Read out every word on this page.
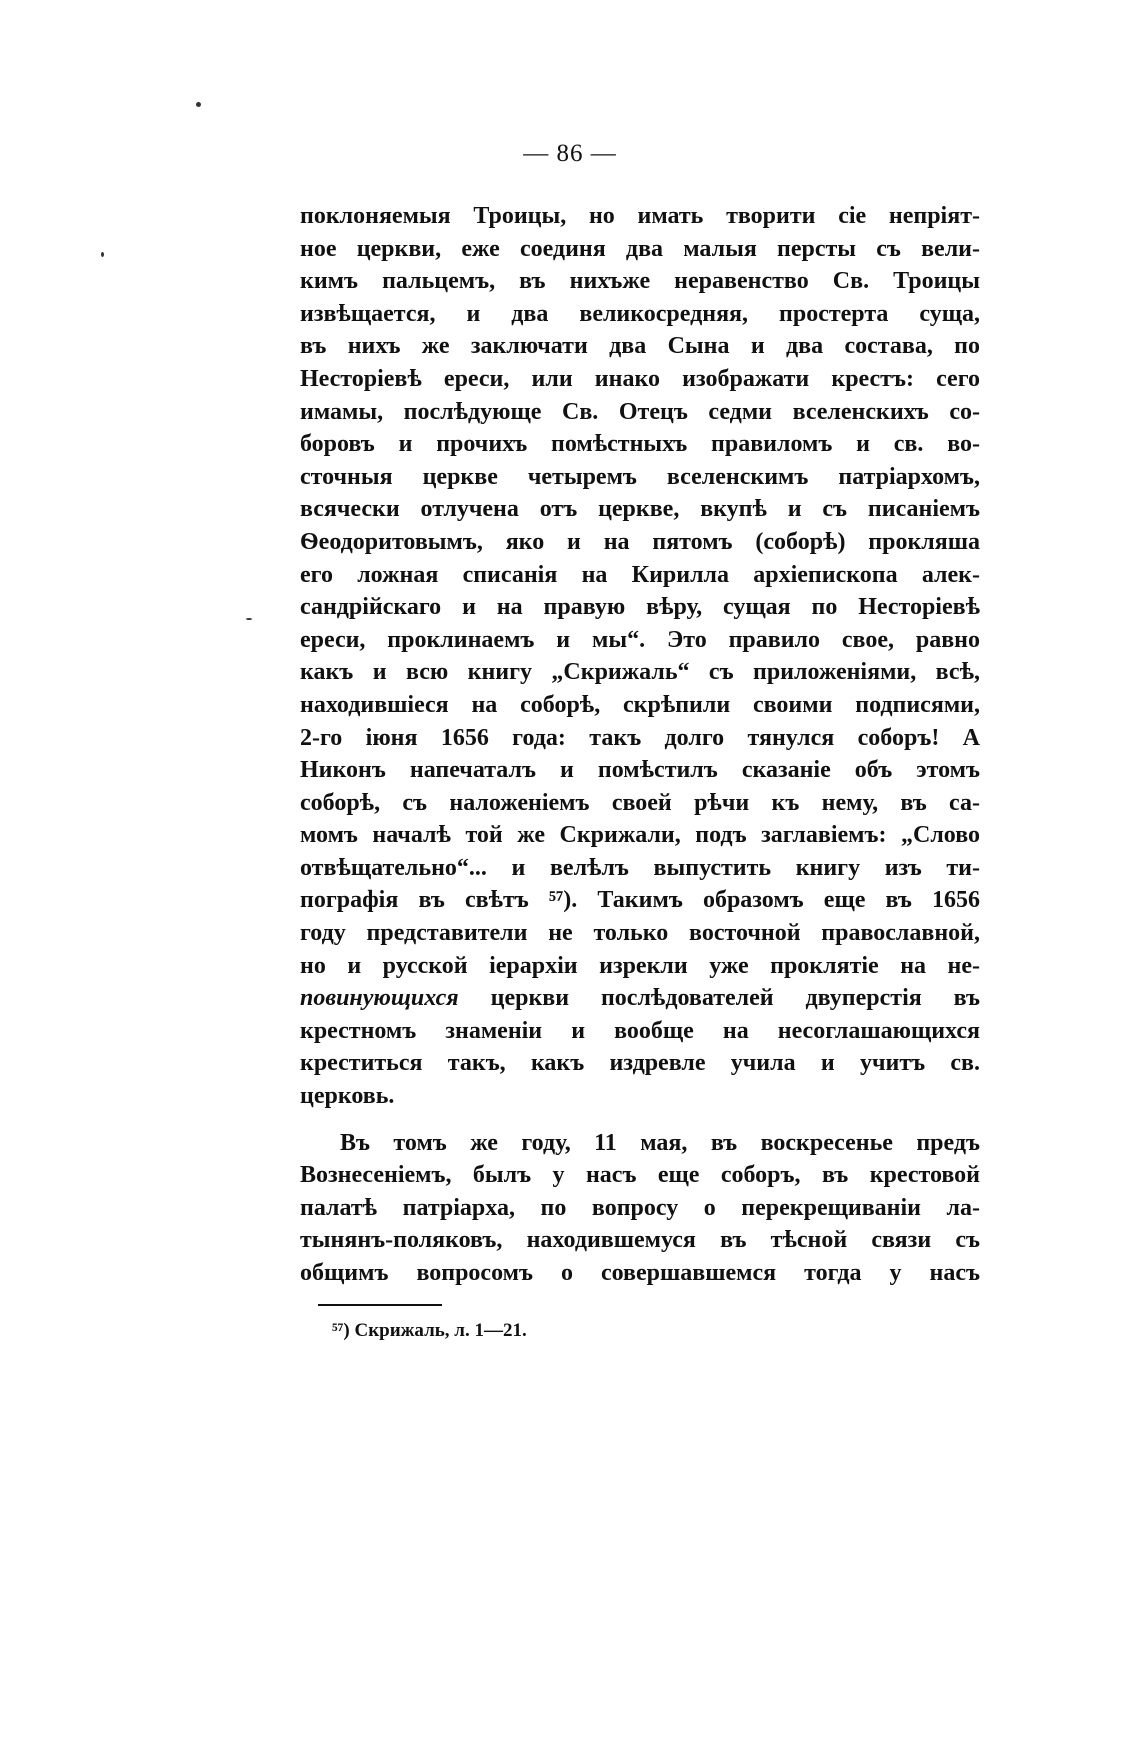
— 86 —
поклоняемыя Троицы, но имать творити сіе непріят-
ное церкви, еже соединя два малыя персты съ вели-
кимъ пальцемъ, въ нихъже неравенство Св. Троицы
извѣщается, и два великосредняя, простерта суща,
въ нихъ же заключати два Сына и два состава, по
Несторіевѣ ереси, или инако изображати крестъ: сего
имамы, послѣдующе Св. Отецъ седми вселенскихъ со-
боровъ и прочихъ помѣстныхъ правиломъ и св. во-
сточныя церкве четыремъ вселенскимъ патріархомъ,
всячески отлучена отъ церкве, вкупѣ и съ писаніемъ
Ѳеодоритовымъ, яко и на пятомъ (соборѣ) прокляша
его ложная списанія на Кирилла архіепископа алек-
сандрійскаго и на правую вѣру, сущая по Несторіевѣ
ереси, проклинаемъ и мы“. Это правило свое, равно
какъ и всю книгу „Скрижаль“ съ приложеніями, всѣ,
находившіеся на соборѣ, скрѣпили своими подписями,
2-го іюня 1656 года: такъ долго тянулся соборъ! А
Никонъ напечаталъ и помѣстилъ сказаніе объ этомъ
соборѣ, съ наложеніемъ своей рѣчи къ нему, въ са-
момъ началѣ той же Скрижали, подъ заглавіемъ: „Слово
отвѣщательно“... и велѣлъ выпустить книгу изъ ти-
пографія въ свѣтъ ⁵⁷). Такимъ образомъ еще въ 1656
году представители не только восточной православной,
но и русской іерархіи изрекли уже проклятіе на не-
повинующихся церкви послѣдователей двуперстія въ
крестномъ знаменіи и вообще на несоглашающихся
креститься такъ, какъ издревле учила и учитъ св.
церковь.
Въ томъ же году, 11 мая, въ воскресенье предъ
Вознесеніемъ, былъ у насъ еще соборъ, въ крестовой
палатѣ патріарха, по вопросу о перекрещиваніи ла-
тынянъ-поляковъ, находившемуся въ тѣсной связи съ
общимъ вопросомъ о совершавшемся тогда у насъ
⁵⁷) Скрижаль, л. 1—21.
